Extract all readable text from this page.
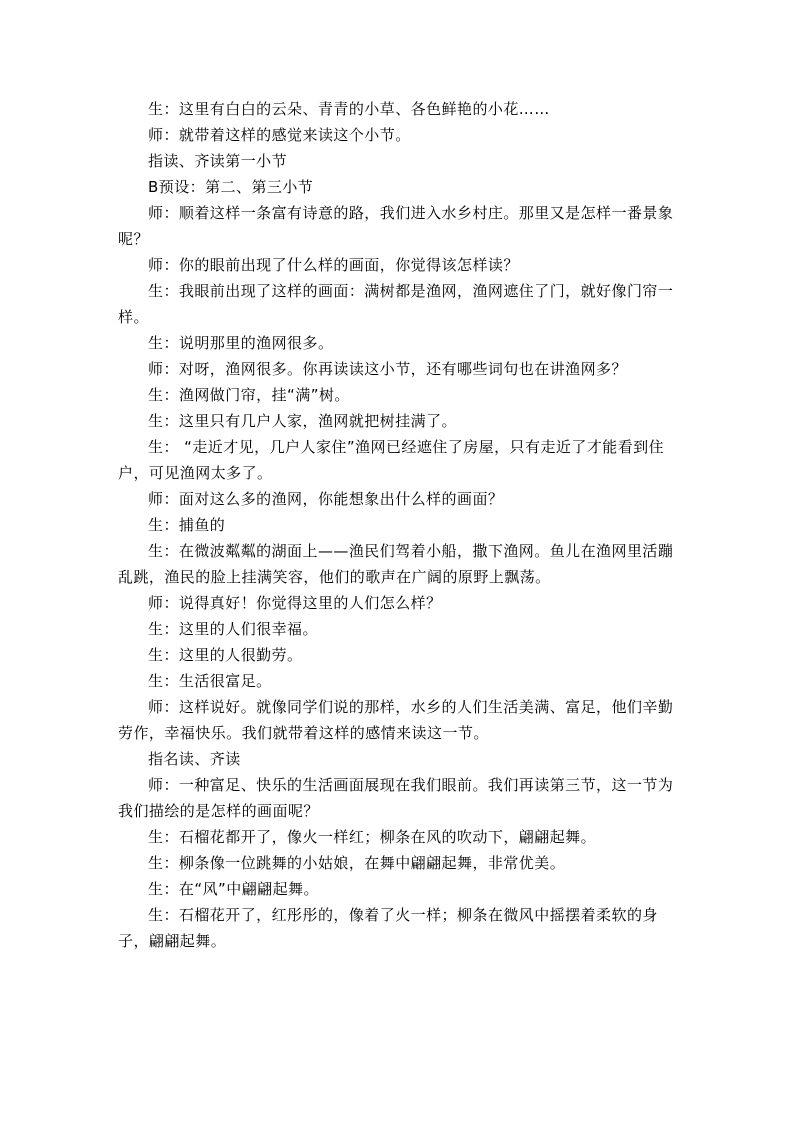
生：这里有白白的云朵、青青的小草、各色鲜艳的小花……

师：就带着这样的感觉来读这个小节。

指读、齐读第一小节

B预设：第二、第三小节

师：顺着这样一条富有诗意的路，我们进入水乡村庄。那里又是怎样一番景象呢？

师：你的眼前出现了什么样的画面，你觉得该怎样读？

生：我眼前出现了这样的画面：满树都是渔网，渔网遮住了门，就好像门帘一样。

生：说明那里的渔网很多。

师：对呀，渔网很多。你再读读这小节，还有哪些词句也在讲渔网多？

生：渔网做门帘，挂“满”树。

生：这里只有几户人家，渔网就把树挂满了。

生： “走近才见，几户人家住”渔网已经遮住了房屋，只有走近了才能看到住户，可见渔网太多了。

师：面对这么多的渔网，你能想象出什么样的画面？

生：捕鱼的

生：在微波粼粼的湖面上——渔民们驾着小船，撒下渔网。鱼儿在渔网里活蹦乱跳，渔民的脸上挂满笑容，他们的歌声在广阔的原野上飘荡。

师：说得真好！你觉得这里的人们怎么样？

生：这里的人们很幸福。

生：这里的人很勤劳。

生：生活很富足。

师：这样说好。就像同学们说的那样，水乡的人们生活美满、富足，他们辛勤劳作，幸福快乐。我们就带着这样的感情来读这一节。

指名读、齐读

师：一种富足、快乐的生活画面展现在我们眼前。我们再读第三节，这一节为我们描绘的是怎样的画面呢？

生：石榴花都开了，像火一样红；柳条在风的吹动下，翩翩起舞。

生：柳条像一位跳舞的小姑娘，在舞中翩翩起舞，非常优美。

生：在“风”中翩翩起舞。

生：石榴花开了，红彤彤的，像着了火一样；柳条在微风中摇摆着柔软的身子，翩翩起舞。
